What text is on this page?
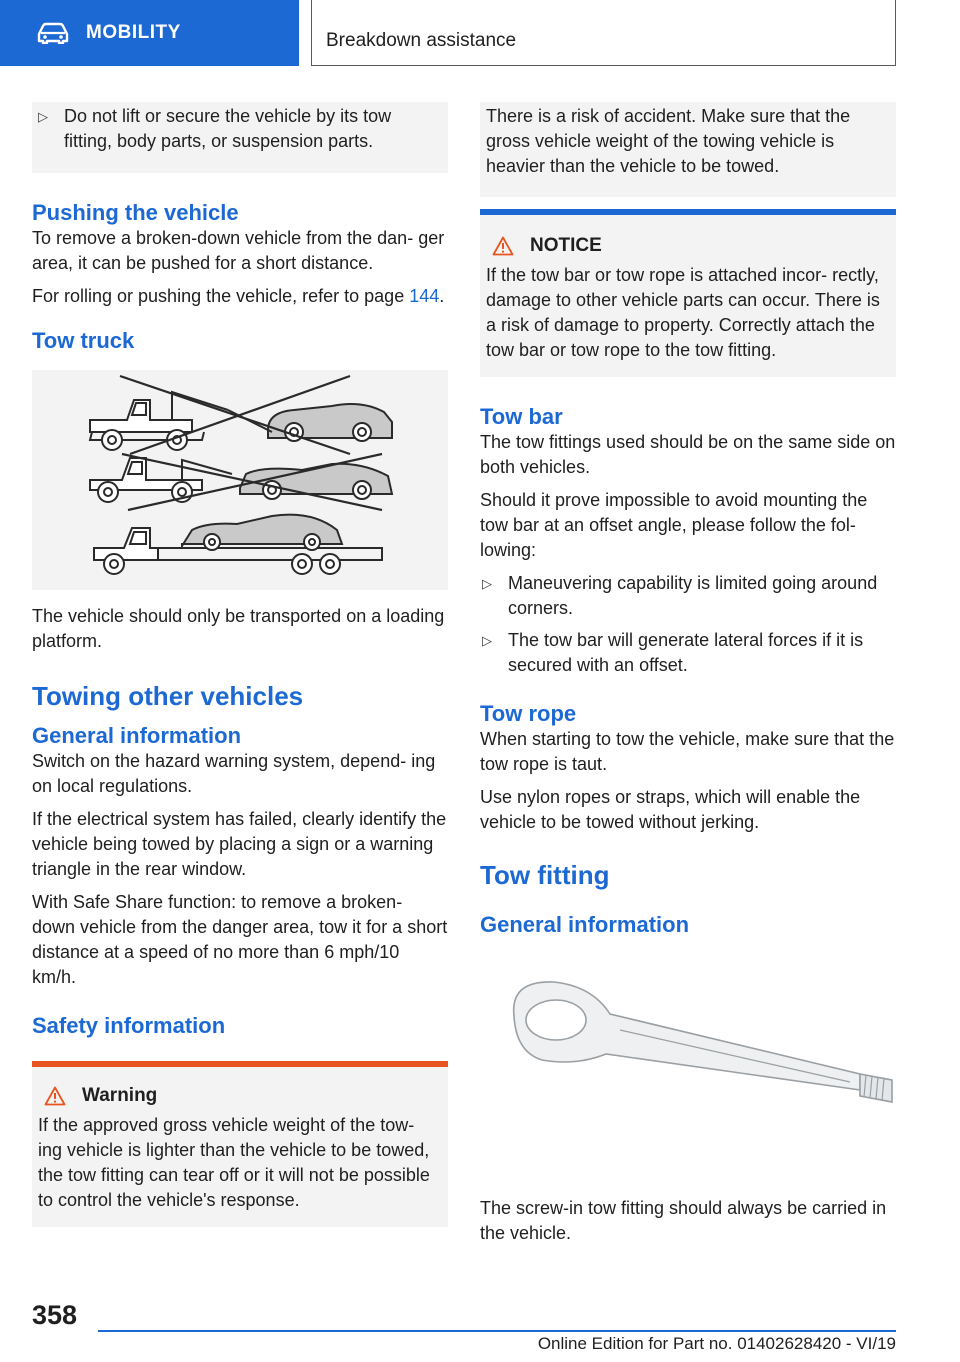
MOBILITY	Breakdown assistance
▷ Do not lift or secure the vehicle by its tow fitting, body parts, or suspension parts.
Pushing the vehicle
To remove a broken-down vehicle from the dan- ger area, it can be pushed for a short distance.
For rolling or pushing the vehicle, refer to page 144.
Tow truck
The vehicle should only be transported on a loading platform.
Towing other vehicles
General information
Switch on the hazard warning system, depend- ing on local regulations.
If the electrical system has failed, clearly identify the vehicle being towed by placing a sign or a warning triangle in the rear window.
With Safe Share function: to remove a broken- down vehicle from the danger area, tow it for a short distance at a speed of no more than 6 mph/10 km/h.
Safety information
Warning
If the approved gross vehicle weight of the tow- ing vehicle is lighter than the vehicle to be towed, the tow fitting can tear off or it will not be possible to control the vehicle's response.
There is a risk of accident. Make sure that the gross vehicle weight of the towing vehicle is heavier than the vehicle to be towed.
NOTICE
If the tow bar or tow rope is attached incor- rectly, damage to other vehicle parts can occur. There is a risk of damage to property. Correctly attach the tow bar or tow rope to the tow fitting.
Tow bar
The tow fittings used should be on the same side on both vehicles.
Should it prove impossible to avoid mounting the tow bar at an offset angle, please follow the fol- lowing:
▷ Maneuvering capability is limited going around corners.
▷ The tow bar will generate lateral forces if it is secured with an offset.
Tow rope
When starting to tow the vehicle, make sure that the tow rope is taut.
Use nylon ropes or straps, which will enable the vehicle to be towed without jerking.
Tow fitting
General information
The screw-in tow fitting should always be carried in the vehicle.
358
Online Edition for Part no. 01402628420 - VI/19
